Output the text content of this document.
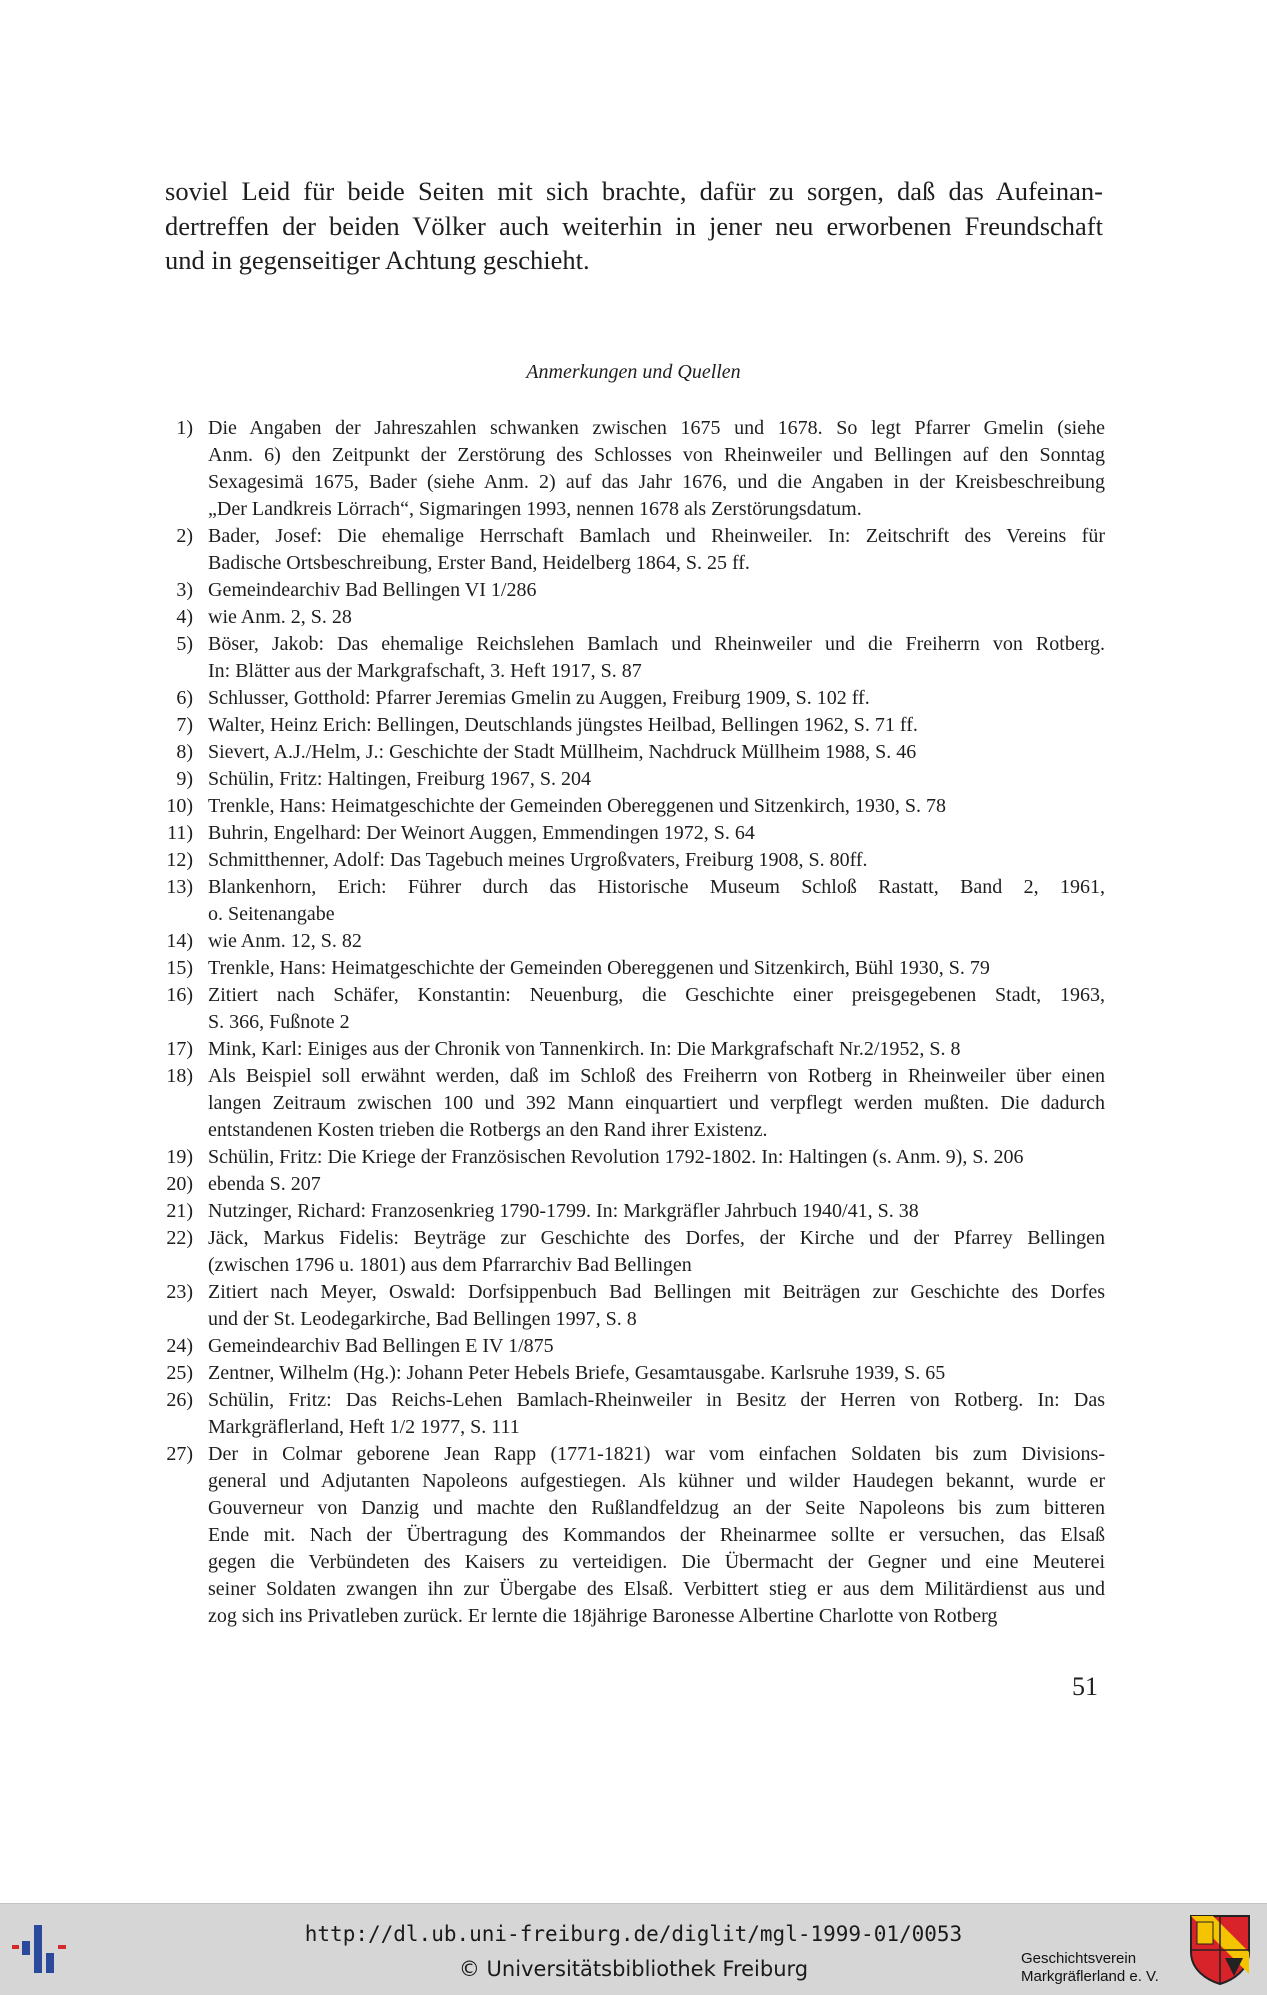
soviel Leid für beide Seiten mit sich brachte, dafür zu sorgen, daß das Aufeinan-
dertreffen der beiden Völker auch weiterhin in jener neu erworbenen Freundschaft
und in gegenseitiger Achtung geschieht.

Anmerkungen und Quellen
1) Die Angaben der Jahreszahlen schwanken zwischen 1675 und 1678. So legt Pfarrer Gmelin (siehe
Anm. 6) den Zeitpunkt der Zerstörung des Schlosses von Rheinweiler und Bellingen auf den Sonntag
Sexagesimä 1675, Bader (siehe Anm. 2) auf das Jahr 1676, und die Angaben in der Kreisbeschreibung
„Der Landkreis Lörrach“, Sigmaringen 1993, nennen 1678 als Zerstörungsdatum.
2) Bader, Josef: Die ehemalige Herrschaft Bamlach und Rheinweiler. In: Zeitschrift des Vereins für
Badische Ortsbeschreibung, Erster Band, Heidelberg 1864, S. 25 ff.
3) Gemeindearchiv Bad Bellingen VI 1/286
4) wie Anm. 2, S. 28
5) Böser, Jakob: Das ehemalige Reichslehen Bamlach und Rheinweiler und die Freiherrn von Rotberg.
In: Blätter aus der Markgrafschaft, 3. Heft 1917, S. 87
6) Schlusser, Gotthold: Pfarrer Jeremias Gmelin zu Auggen, Freiburg 1909, S. 102 ff.
7) Walter, Heinz Erich: Bellingen, Deutschlands jüngstes Heilbad, Bellingen 1962, S. 71 ff.
8) Sievert, A.J./Helm, J.: Geschichte der Stadt Müllheim, Nachdruck Müllheim 1988, S. 46
9) Schülin, Fritz: Haltingen, Freiburg 1967, S. 204
10) Trenkle, Hans: Heimatgeschichte der Gemeinden Obereggenen und Sitzenkirch, 1930, S. 78
11) Buhrin, Engelhard: Der Weinort Auggen, Emmendingen 1972, S. 64
12) Schmitthenner, Adolf: Das Tagebuch meines Urgroßvaters, Freiburg 1908, S. 80ff.
13) Blankenhorn, Erich: Führer durch das Historische Museum Schloß Rastatt, Band 2, 1961,
o. Seitenangabe
14) wie Anm. 12, S. 82
15) Trenkle, Hans: Heimatgeschichte der Gemeinden Obereggenen und Sitzenkirch, Bühl 1930, S. 79
16) Zitiert nach Schäfer, Konstantin: Neuenburg, die Geschichte einer preisgegebenen Stadt, 1963,
S. 366, Fußnote 2
17) Mink, Karl: Einiges aus der Chronik von Tannenkirch. In: Die Markgrafschaft Nr.2/1952, S. 8
18) Als Beispiel soll erwähnt werden, daß im Schloß des Freiherrn von Rotberg in Rheinweiler über einen
langen Zeitraum zwischen 100 und 392 Mann einquartiert und verpflegt werden mußten. Die dadurch
entstandenen Kosten trieben die Rotbergs an den Rand ihrer Existenz.
19) Schülin, Fritz: Die Kriege der Französischen Revolution 1792-1802. In: Haltingen (s. Anm. 9), S. 206
20) ebenda S. 207
21) Nutzinger, Richard: Franzosenkrieg 1790-1799. In: Markgräfler Jahrbuch 1940/41, S. 38
22) Jäck, Markus Fidelis: Beyträge zur Geschichte des Dorfes, der Kirche und der Pfarrey Bellingen
(zwischen 1796 u. 1801) aus dem Pfarrarchiv Bad Bellingen
23) Zitiert nach Meyer, Oswald: Dorfsippenbuch Bad Bellingen mit Beiträgen zur Geschichte des Dorfes
und der St. Leodegarkirche, Bad Bellingen 1997, S. 8
24) Gemeindearchiv Bad Bellingen E IV 1/875
25) Zentner, Wilhelm (Hg.): Johann Peter Hebels Briefe, Gesamtausgabe. Karlsruhe 1939, S. 65
26) Schülin, Fritz: Das Reichs-Lehen Bamlach-Rheinweiler in Besitz der Herren von Rotberg. In: Das
Markgräflerland, Heft 1/2 1977, S. 111
27) Der in Colmar geborene Jean Rapp (1771-1821) war vom einfachen Soldaten bis zum Divisions-
general und Adjutanten Napoleons aufgestiegen. Als kühner und wilder Haudegen bekannt, wurde er
Gouverneur von Danzig und machte den Rußlandfeldzug an der Seite Napoleons bis zum bitteren
Ende mit. Nach der Übertragung des Kommandos der Rheinarmee sollte er versuchen, das Elsaß
gegen die Verbündeten des Kaisers zu verteidigen. Die Übermacht der Gegner und eine Meuterei
seiner Soldaten zwangen ihn zur Übergabe des Elsaß. Verbittert stieg er aus dem Militärdienst aus und
zog sich ins Privatleben zurück. Er lernte die 18jährige Baronesse Albertine Charlotte von Rotberg
51
http://dl.ub.uni-freiburg.de/diglit/mgl-1999-01/0053
© Universitätsbibliothek Freiburg	Geschichtsverein
Markgräflerland e. V.
